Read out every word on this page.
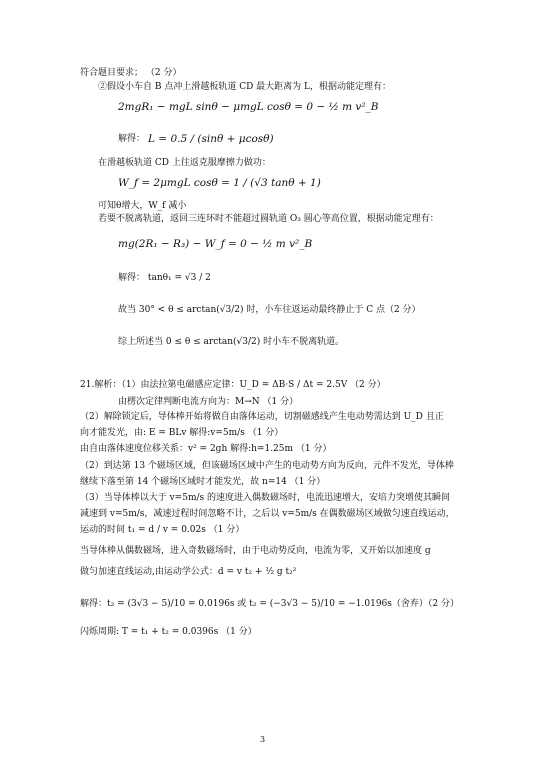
符合题目要求； （2 分）
②假设小车自 B 点冲上滑越板轨道 CD 最大距离为 L，根据动能定理有：
2mgR₁ − mgL sinθ − μmgL cosθ = 0 − ½ m v²_B
解得： L = 0.5 / (sinθ + μcosθ)
在滑越板轨道 CD 上往返克服摩擦力做功：
W_f = 2μmgL cosθ = 1 / (√3 tanθ + 1)
可知θ增大，W_f 减小
若要不脱离轨道，返回三连环时不能超过圆轨道 O₃ 圆心等高位置，根据动能定理有：
mg(2R₁ − R₃) − W_f = 0 − ½ m v²_B
解得： tanθ₁ = √3 / 2
故当 30° < θ ≤ arctan(√3/2) 时，小车往返运动最终静止于 C 点（2 分）
综上所述当 0 ≤ θ ≤ arctan(√3/2) 时小车不脱离轨道。
21.解析：（1）由法拉第电磁感应定律：U_D = ΔB·S / Δt = 2.5V （2 分）
由楞次定律判断电流方向为：M→N （1 分）
（2）解除锁定后，导体棒开始将做自由落体运动，切割磁感线产生电动势需达到 U_D 且正
向才能发光，由: E = BLv 解得:v=5m/s （1 分）
由自由落体速度位移关系：v² = 2gh 解得:h=1.25m （1 分）
（2）到达第 13 个磁场区域，但该磁场区域中产生的电动势方向为反向，元件不发光，导体棒
继续下落至第 14 个磁场区域时才能发光，故 n=14 （1 分）
（3）当导体棒以大于 v=5m/s 的速度进入偶数磁场时，电流迅速增大，安培力突增使其瞬间
减速到 v=5m/s，减速过程时间忽略不计，之后以 v=5m/s 在偶数磁场区域做匀速直线运动，
运动的时间 t₁ = d / v = 0.02s （1 分）
当导体棒从偶数磁场，进入奇数磁场时，由于电动势反向，电流为零，又开始以加速度 g
做匀加速直线运动,由运动学公式：d = v t₂ + ½ g t₂²
解得：t₂ = (3√3 − 5)/10 = 0.0196s 或 t₂ = (−3√3 − 5)/10 = −1.0196s（舍弃）（2 分）
闪烁周期: T = t₁ + t₂ = 0.0396s （1 分）
3
